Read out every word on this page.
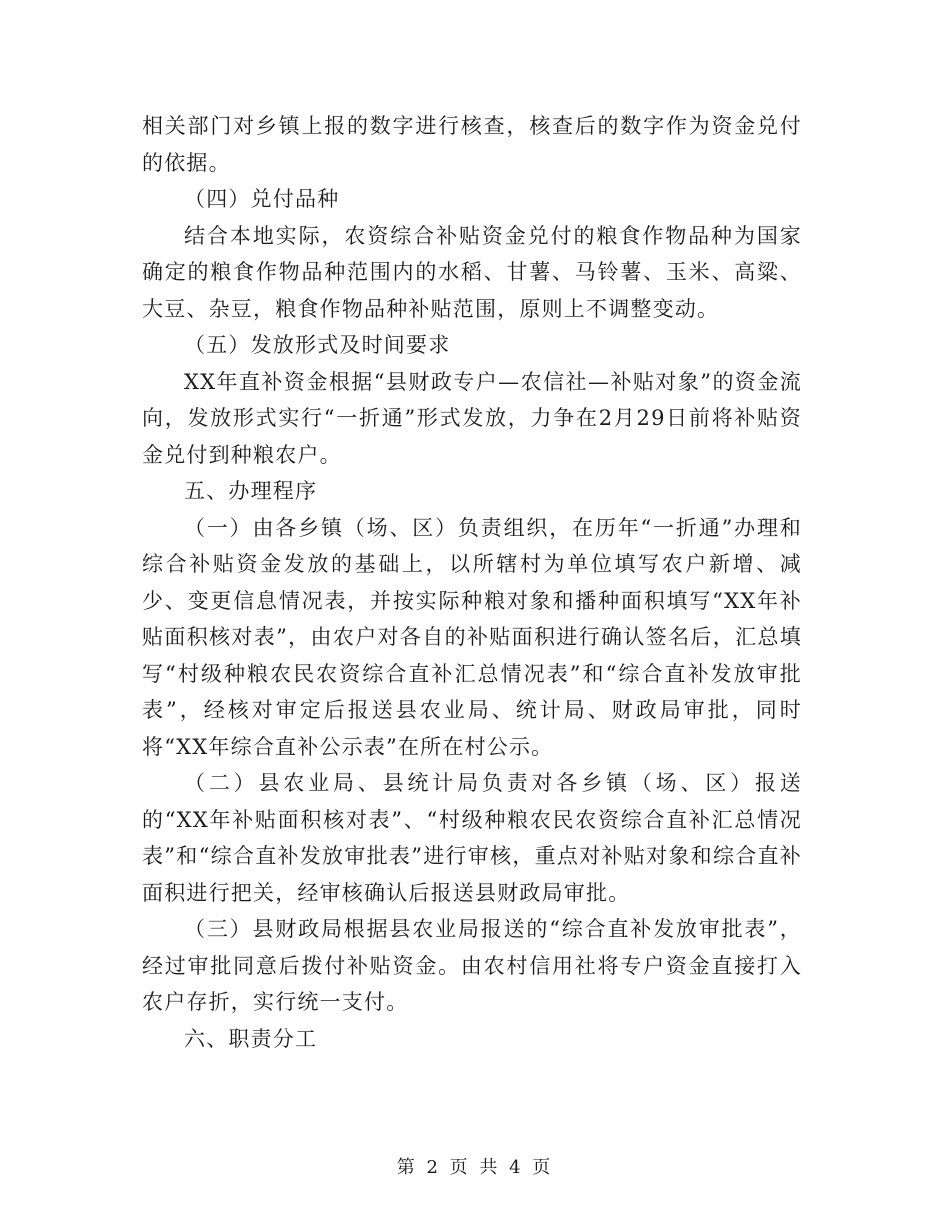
相关部门对乡镇上报的数字进行核查，核查后的数字作为资金兑付的依据。

（四）兑付品种

结合本地实际，农资综合补贴资金兑付的粮食作物品种为国家确定的粮食作物品种范围内的水稻、甘薯、马铃薯、玉米、高粱、大豆、杂豆，粮食作物品种补贴范围，原则上不调整变动。

（五）发放形式及时间要求

XX年直补资金根据“县财政专户—农信社—补贴对象”的资金流向，发放形式实行“一折通”形式发放，力争在2月29日前将补贴资金兑付到种粮农户。

五、办理程序

（一）由各乡镇（场、区）负责组织，在历年“一折通”办理和综合补贴资金发放的基础上，以所辖村为单位填写农户新增、减少、变更信息情况表，并按实际种粮对象和播种面积填写“XX年补贴面积核对表”，由农户对各自的补贴面积进行确认签名后，汇总填写“村级种粮农民农资综合直补汇总情况表”和“综合直补发放审批表”，经核对审定后报送县农业局、统计局、财政局审批，同时将“XX年综合直补公示表”在所在村公示。

（二）县农业局、县统计局负责对各乡镇（场、区）报送的“XX年补贴面积核对表”、“村级种粮农民农资综合直补汇总情况表”和“综合直补发放审批表”进行审核，重点对补贴对象和综合直补面积进行把关，经审核确认后报送县财政局审批。

（三）县财政局根据县农业局报送的“综合直补发放审批表”，经过审批同意后拨付补贴资金。由农村信用社将专户资金直接打入农户存折，实行统一支付。

六、职责分工

第 2 页 共 4 页
